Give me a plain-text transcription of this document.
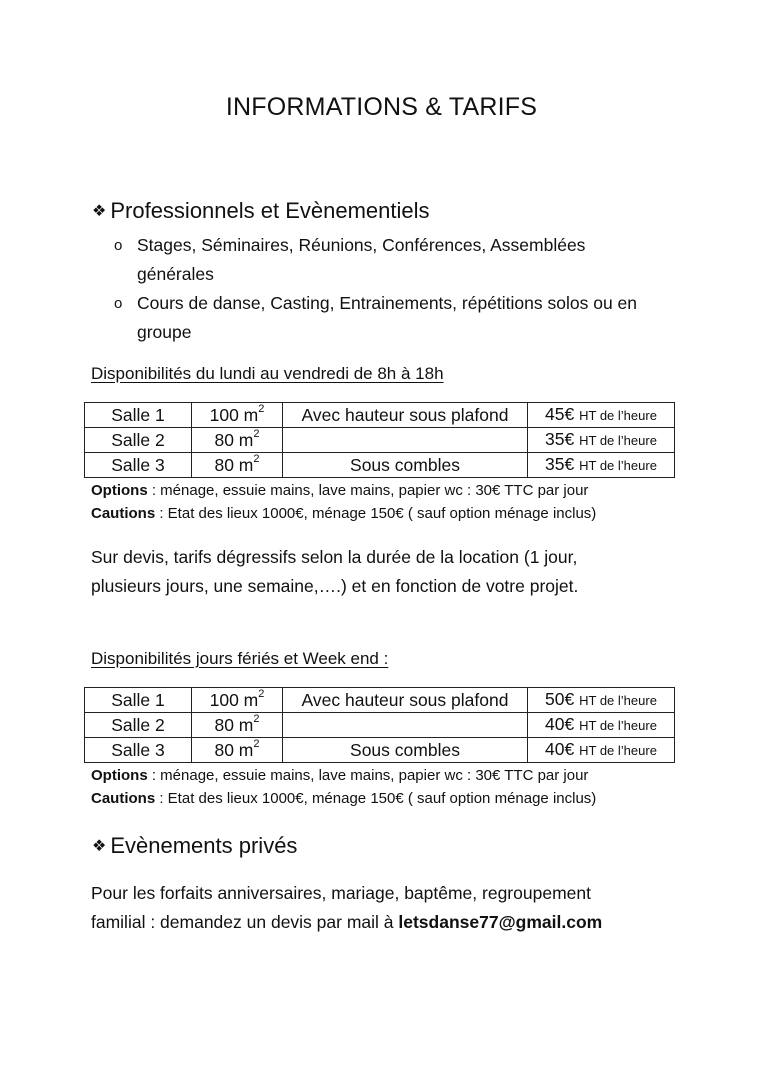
INFORMATIONS & TARIFS
❖ Professionnels et Evènementiels
o Stages, Séminaires, Réunions, Conférences, Assemblées générales
o Cours de danse, Casting, Entrainements, répétitions solos ou en groupe
Disponibilités du lundi au vendredi de 8h à 18h
Salle 1	100 $m^2$	Avec hauteur sous plafond	45€ HT de l’heure
Salle 2	80 $m^2$		35€ HT de l’heure
Salle 3	80 $m^2$	Sous combles	35€ HT de l’heure
Options : ménage, essuie mains, lave mains, papier wc : 30€ TTC par jour
Cautions : Etat des lieux 1000€, ménage 150€ ( sauf option ménage inclus)
Sur devis, tarifs dégressifs selon la durée de la location (1 jour, plusieurs jours, une semaine,….) et en fonction de votre projet.
Disponibilités jours fériés et Week end :
Salle 1	100 $m^2$	Avec hauteur sous plafond	50€ HT de l’heure
Salle 2	80 $m^2$		40€ HT de l’heure
Salle 3	80 $m^2$	Sous combles	40€ HT de l’heure
Options : ménage, essuie mains, lave mains, papier wc : 30€ TTC par jour
Cautions : Etat des lieux 1000€, ménage 150€ ( sauf option ménage inclus)
❖ Evènements privés
Pour les forfaits anniversaires, mariage, baptême, regroupement familial : demandez un devis par mail à letsdanse77@gmail.com
